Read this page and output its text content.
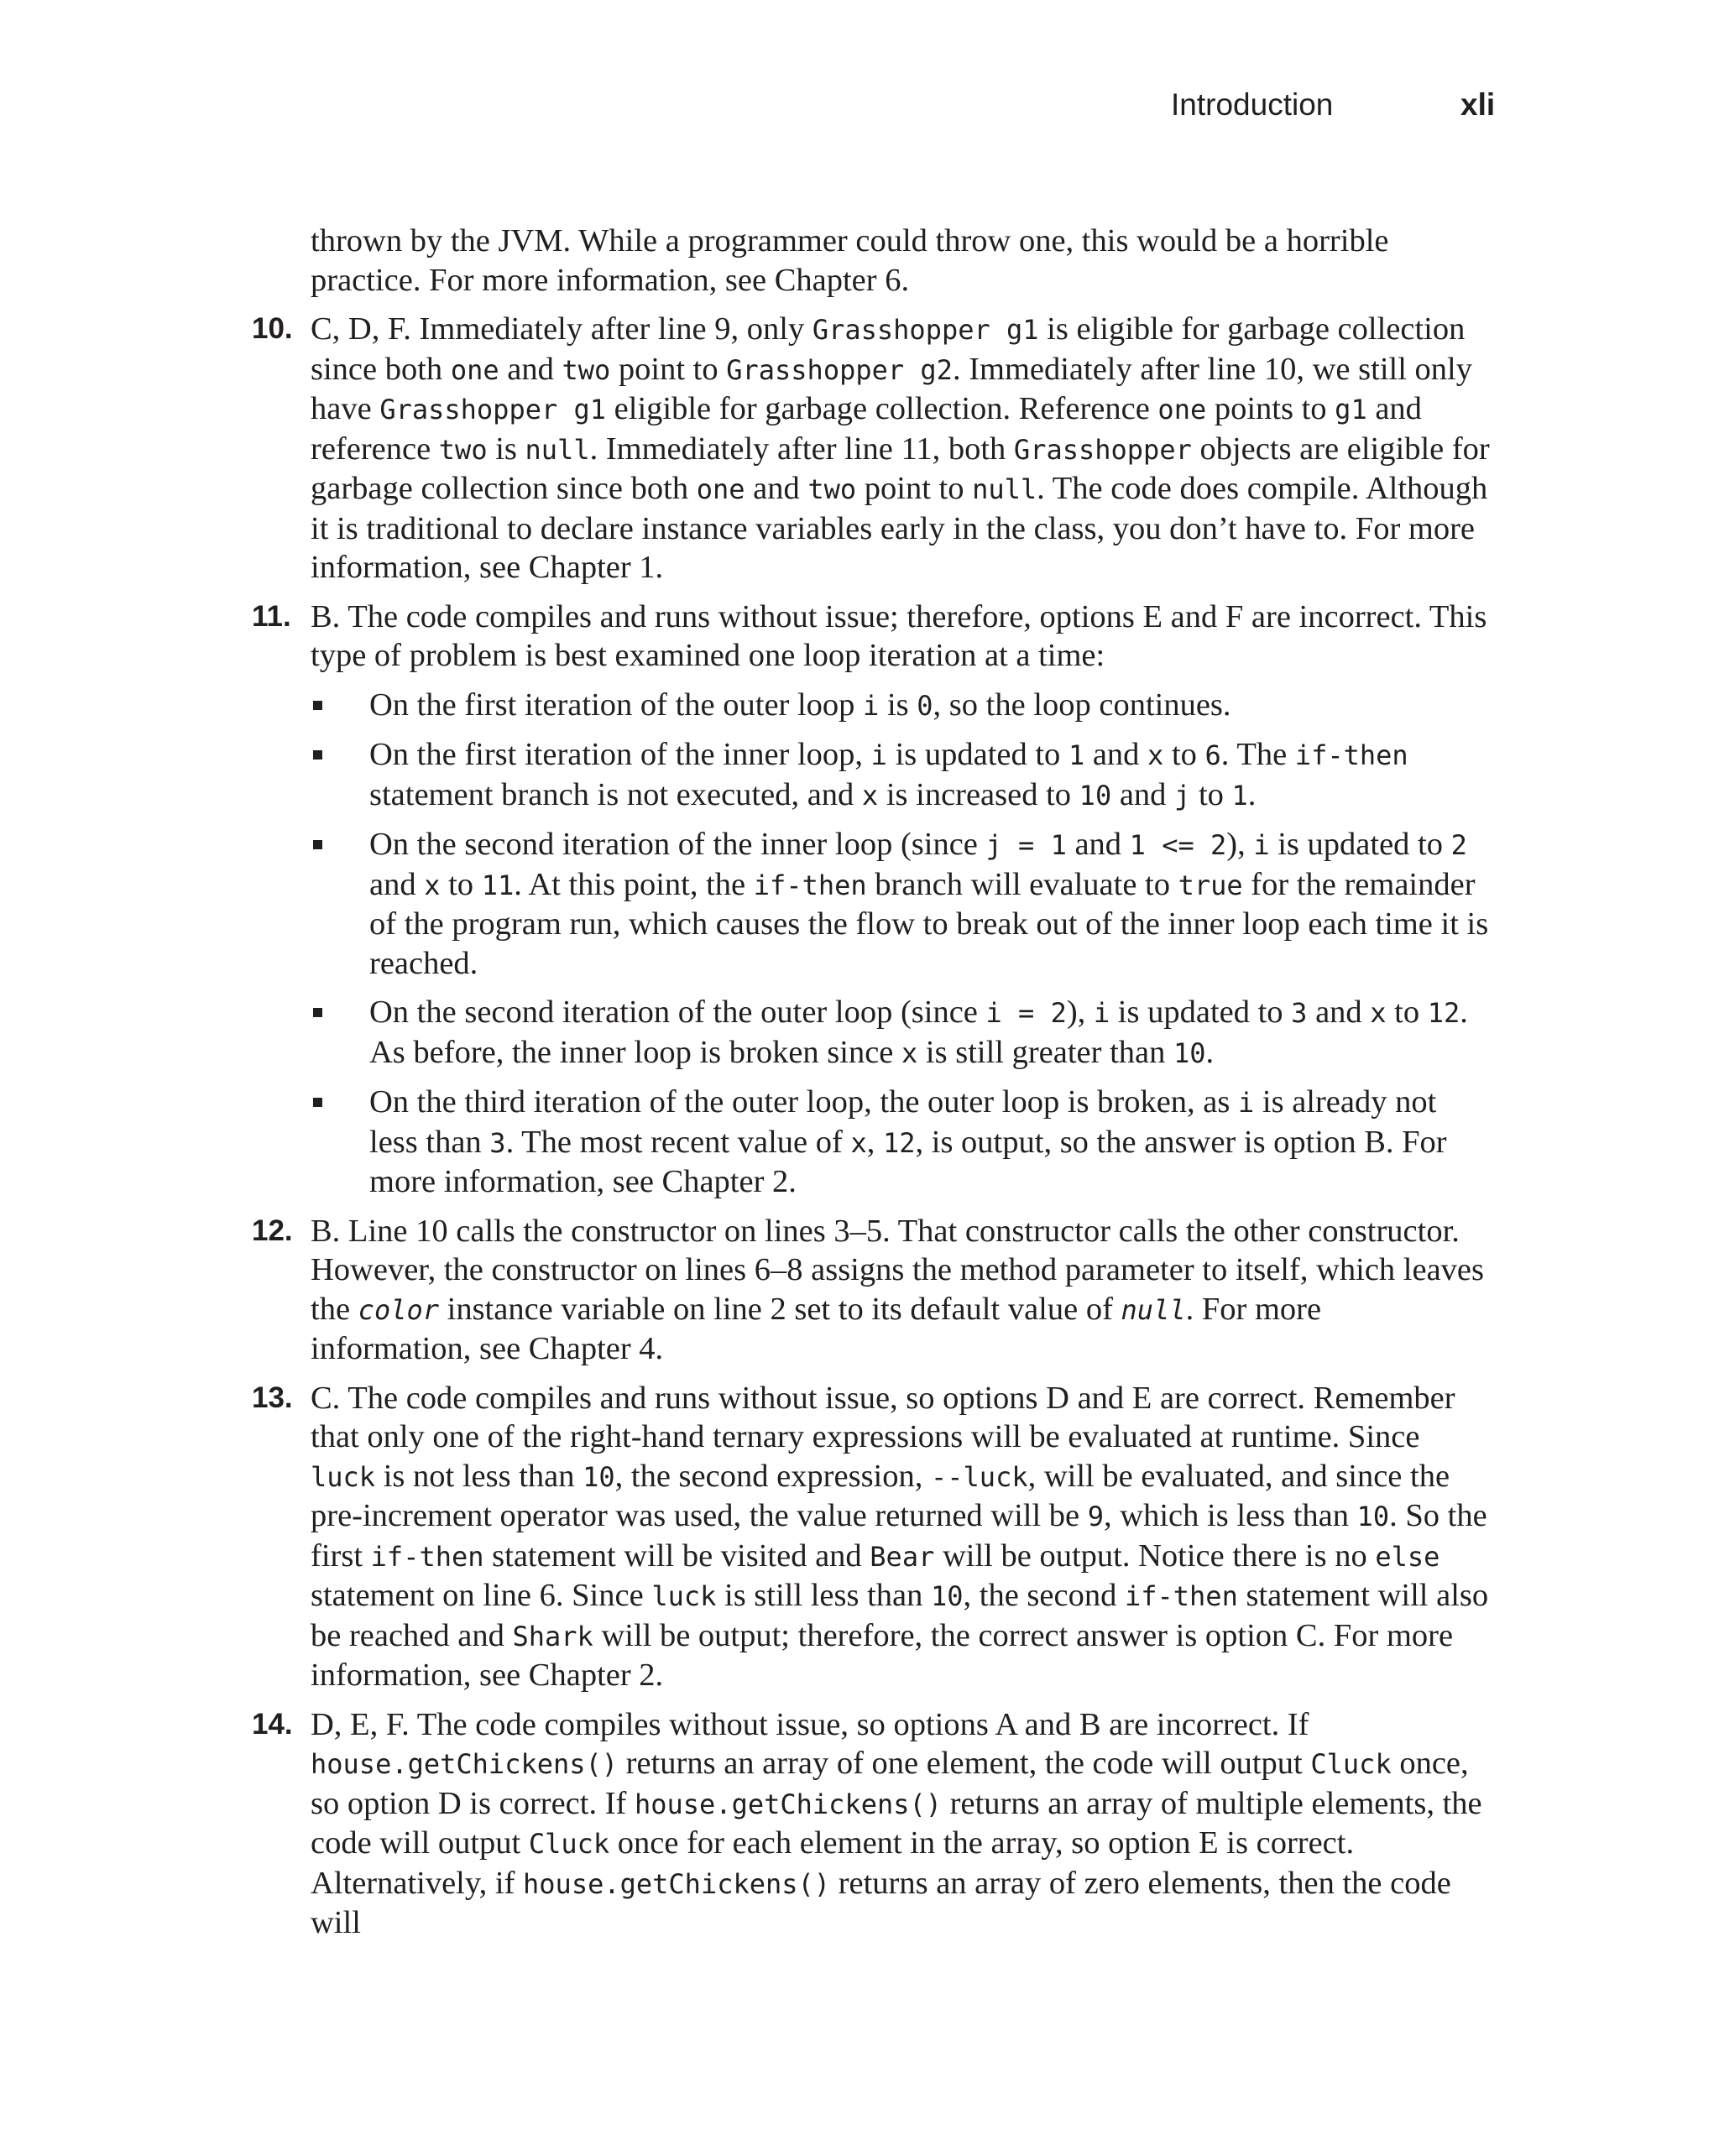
Introduction	xli

thrown by the JVM. While a programmer could throw one, this would be a horrible practice. For more information, see Chapter 6.

10. C, D, F. Immediately after line 9, only Grasshopper g1 is eligible for garbage collection since both one and two point to Grasshopper g2. Immediately after line 10, we still only have Grasshopper g1 eligible for garbage collection. Reference one points to g1 and reference two is null. Immediately after line 11, both Grasshopper objects are eligible for garbage collection since both one and two point to null. The code does compile. Although it is traditional to declare instance variables early in the class, you don’t have to. For more information, see Chapter 1.

11. B. The code compiles and runs without issue; therefore, options E and F are incorrect. This type of problem is best examined one loop iteration at a time:

On the first iteration of the outer loop i is 0, so the loop continues.
On the first iteration of the inner loop, i is updated to 1 and x to 6. The if-then statement branch is not executed, and x is increased to 10 and j to 1.
On the second iteration of the inner loop (since j = 1 and 1 <= 2), i is updated to 2 and x to 11. At this point, the if-then branch will evaluate to true for the remainder of the program run, which causes the flow to break out of the inner loop each time it is reached.
On the second iteration of the outer loop (since i = 2), i is updated to 3 and x to 12. As before, the inner loop is broken since x is still greater than 10.
On the third iteration of the outer loop, the outer loop is broken, as i is already not less than 3. The most recent value of x, 12, is output, so the answer is option B. For more information, see Chapter 2.
12. B. Line 10 calls the constructor on lines 3–5. That constructor calls the other constructor. However, the constructor on lines 6–8 assigns the method parameter to itself, which leaves the color instance variable on line 2 set to its default value of null. For more information, see Chapter 4.

13. C. The code compiles and runs without issue, so options D and E are correct. Remember that only one of the right-hand ternary expressions will be evaluated at runtime. Since luck is not less than 10, the second expression, --luck, will be evaluated, and since the pre-increment operator was used, the value returned will be 9, which is less than 10. So the first if-then statement will be visited and Bear will be output. Notice there is no else statement on line 6. Since luck is still less than 10, the second if-then statement will also be reached and Shark will be output; therefore, the correct answer is option C. For more information, see Chapter 2.

14. D, E, F. The code compiles without issue, so options A and B are incorrect. If house.getChickens() returns an array of one element, the code will output Cluck once, so option D is correct. If house.getChickens() returns an array of multiple elements, the code will output Cluck once for each element in the array, so option E is correct. Alternatively, if house.getChickens() returns an array of zero elements, then the code will
